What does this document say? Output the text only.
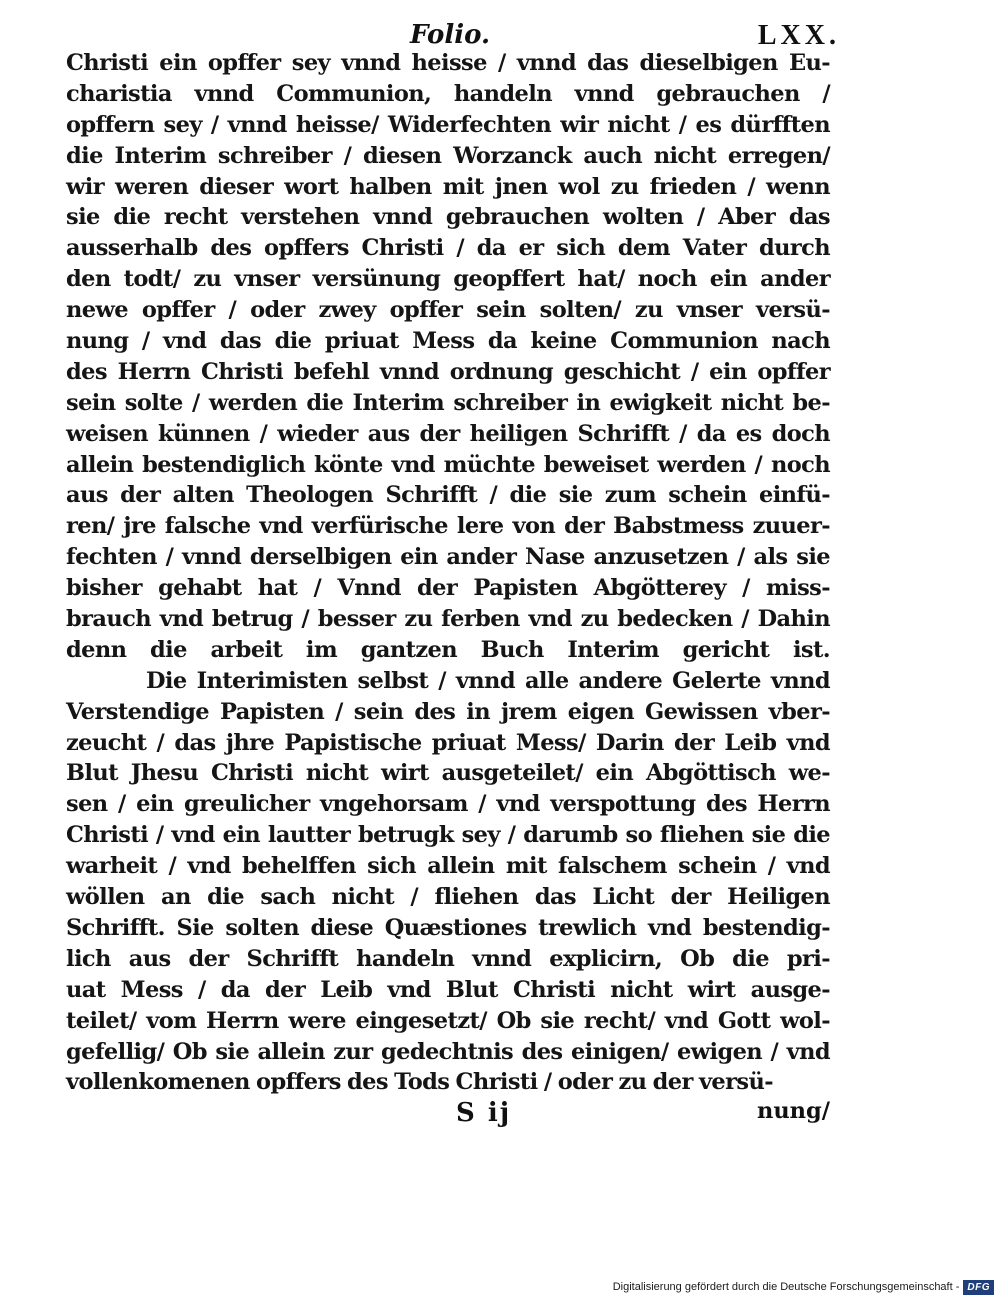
Folio.	LXX.
Christi ein opffer sey vnnd heisse / vnnd das dieselbigen Eu-
charistia vnnd Communion, handeln vnnd gebrauchen /
opffern sey / vnnd heisse/ Widerfechten wir nicht / es dürfften
die Interim schreiber / diesen Worzanck auch nicht erregen/
wir weren dieser wort halben mit jnen wol zu frieden / wenn
sie die recht verstehen vnnd gebrauchen wolten / Aber das
ausserhalb des opffers Christi / da er sich dem Vater durch
den todt/ zu vnser versünung geopffert hat/ noch ein ander
newe opffer / oder zwey opffer sein solten/ zu vnser versü-
nung / vnd das die priuat Mess da keine Communion nach
des Herrn Christi befehl vnnd ordnung geschicht / ein opffer
sein solte / werden die Interim schreiber in ewigkeit nicht be-
weisen künnen / wieder aus der heiligen Schrifft / da es doch
allein bestendiglich könte vnd müchte beweiset werden / noch
aus der alten Theologen Schrifft / die sie zum schein einfü-
ren/ jre falsche vnd verfürische lere von der Babstmess zuuer-
fechten / vnnd derselbigen ein ander Nase anzusetzen / als sie
bisher gehabt hat / Vnnd der Papisten Abgötterey / miss-
brauch vnd betrug / besser zu ferben vnd zu bedecken / Dahin
denn die arbeit im gantzen Buch Interim gericht ist.
Die Interimisten selbst / vnnd alle andere Gelerte vnnd
Verstendige Papisten / sein des in jrem eigen Gewissen vber-
zeucht / das jhre Papistische priuat Mess/ Darin der Leib vnd
Blut Jhesu Christi nicht wirt ausgeteilet/ ein Abgöttisch we-
sen / ein greulicher vngehorsam / vnd verspottung des Herrn
Christi / vnd ein lautter betrugk sey / darumb so fliehen sie die
warheit / vnd behelffen sich allein mit falschem schein / vnd
wöllen an die sach nicht / fliehen das Licht der Heiligen
Schrifft. Sie solten diese Quæstiones trewlich vnd bestendig-
lich aus der Schrifft handeln vnnd explicirn, Ob die pri-
uat Mess / da der Leib vnd Blut Christi nicht wirt ausge-
teilet/ vom Herrn were eingesetzt/ Ob sie recht/ vnd Gott wol-
gefellig/ Ob sie allein zur gedechtnis des einigen/ ewigen / vnd
vollenkomenen opffers des Tods Christi / oder zu der versü-
S ij	nung/
Digitalisierung gefördert durch die Deutsche Forschungsgemeinschaft - DFG
